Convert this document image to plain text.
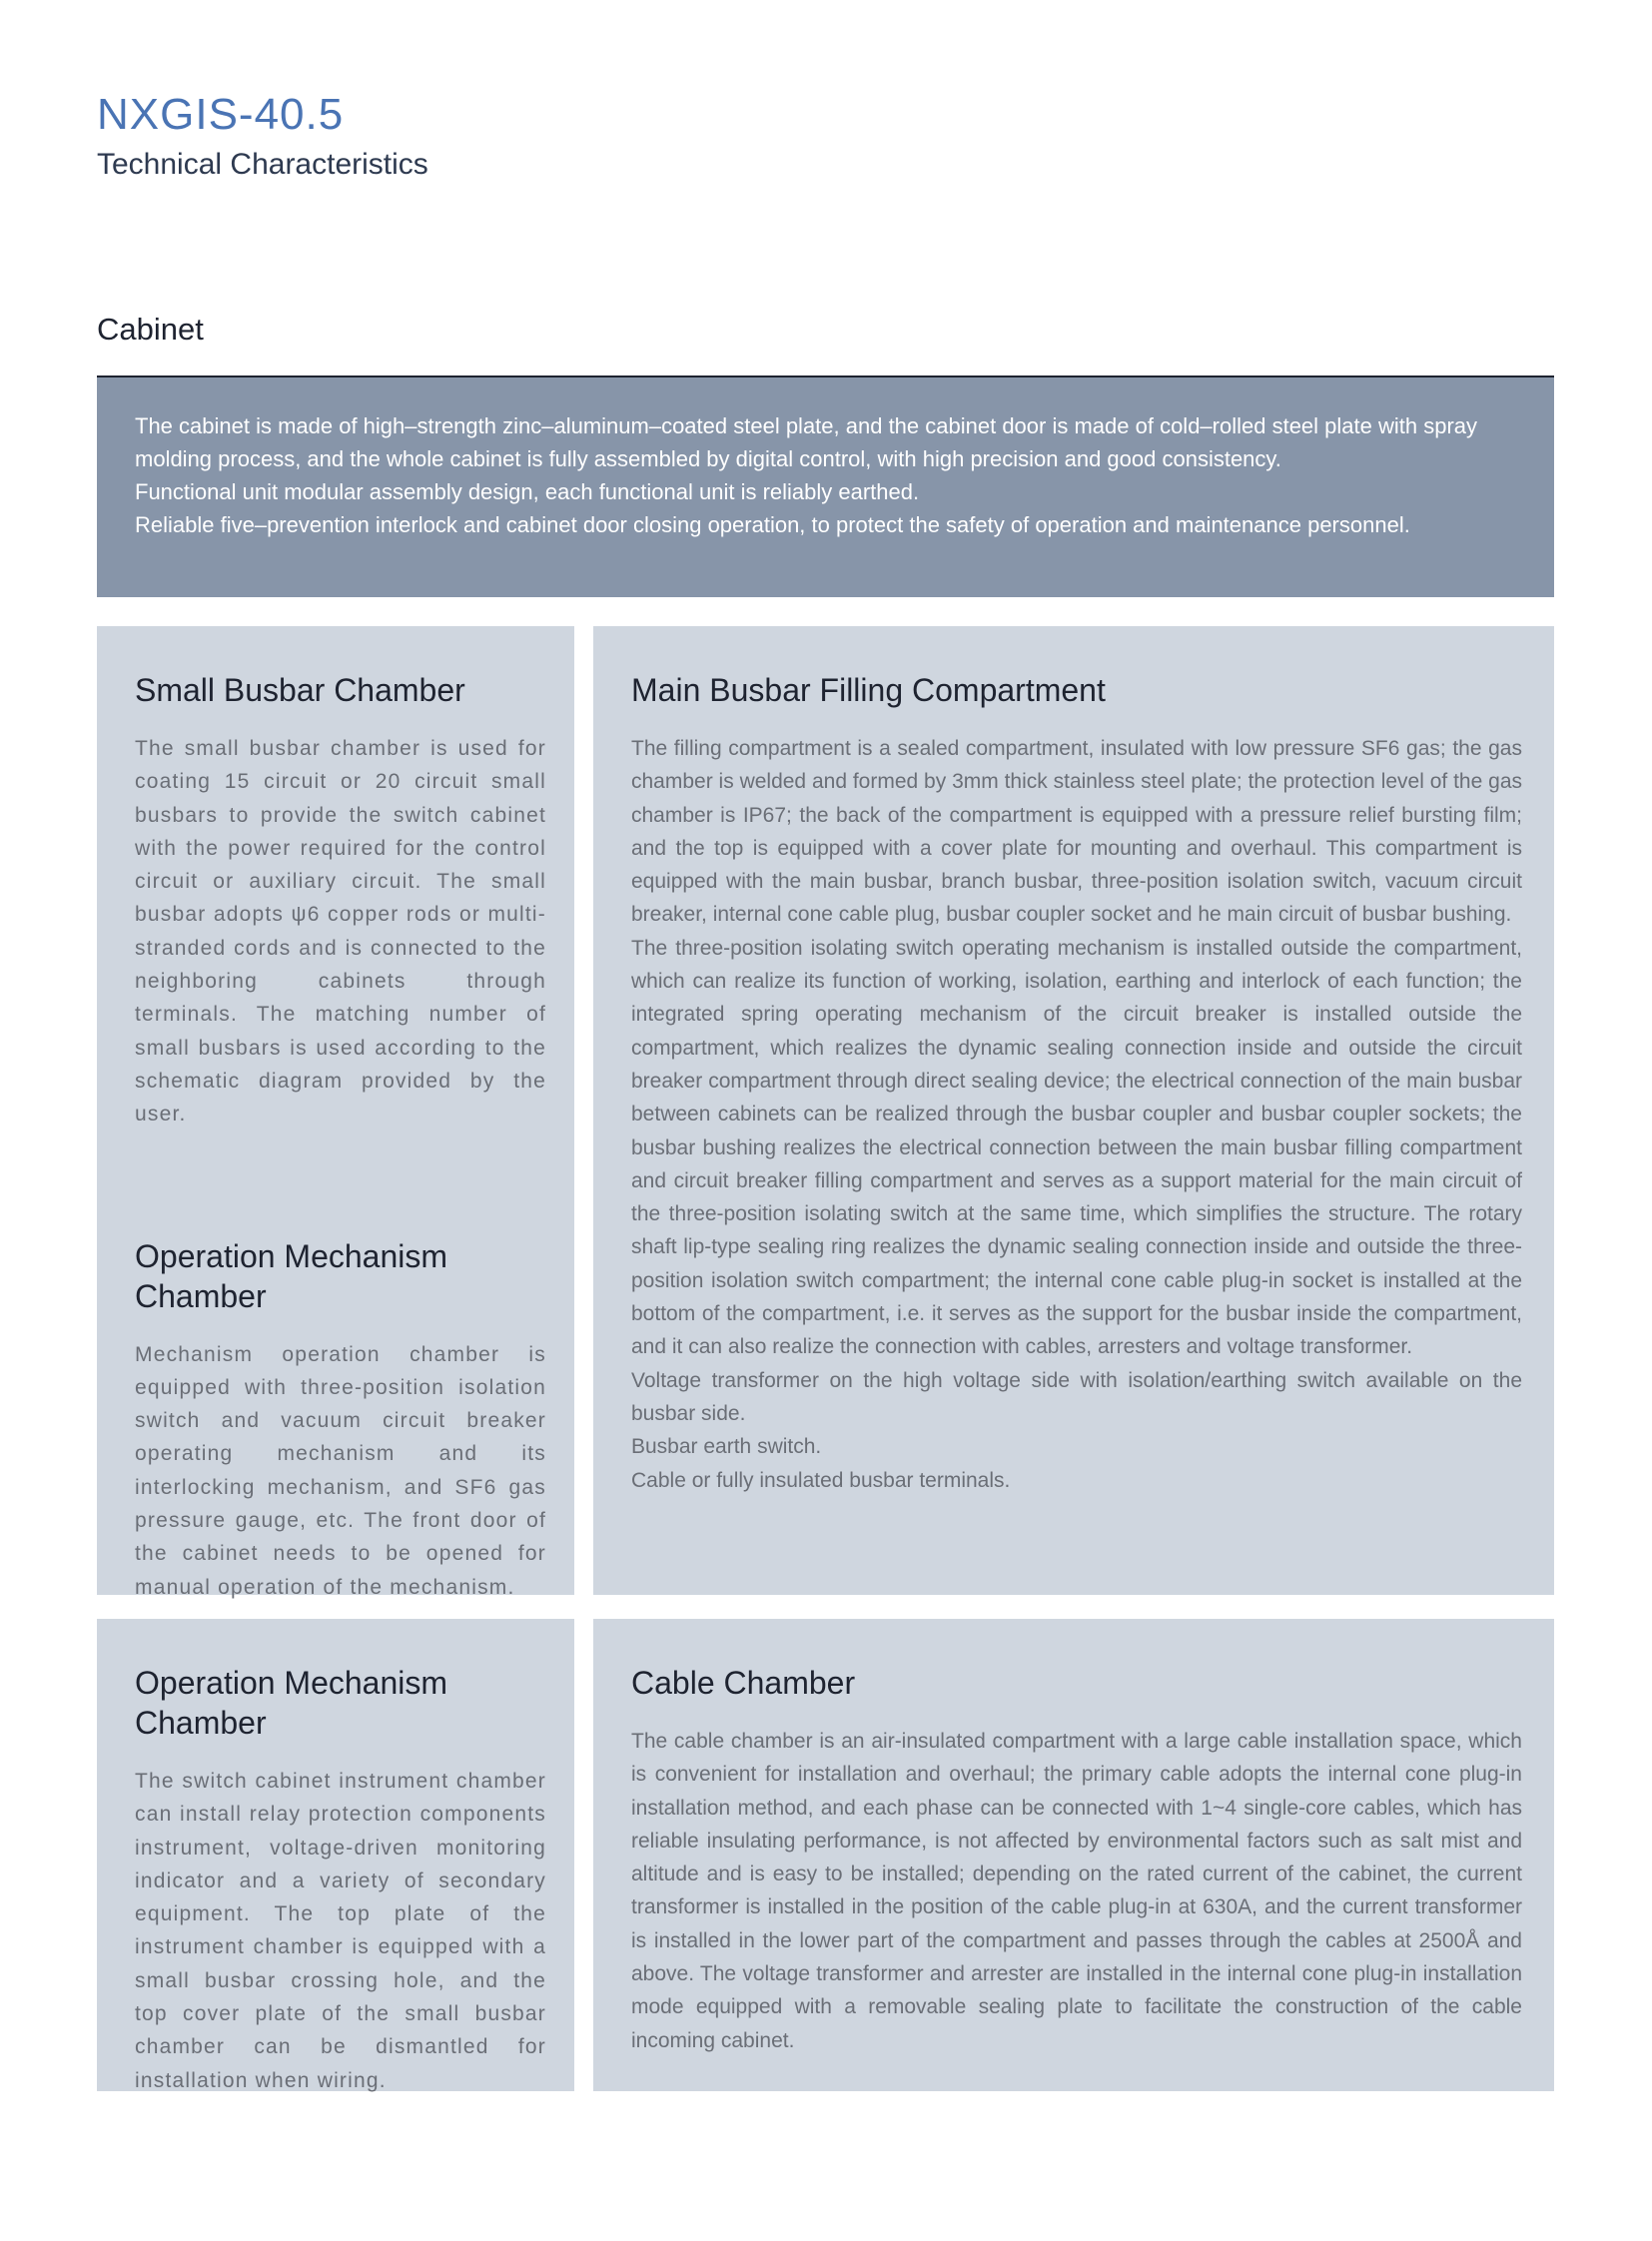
NXGIS-40.5
Technical Characteristics
Cabinet

The cabinet is made of high–strength zinc–aluminum–coated steel plate, and the cabinet door is made of cold–rolled steel plate with spray molding process, and the whole cabinet is fully assembled by digital control, with high precision and good consistency.

Functional unit modular assembly design, each functional unit is reliably earthed.

Reliable five–prevention interlock and cabinet door closing operation, to protect the safety of operation and maintenance personnel.

Small Busbar Chamber

The small busbar chamber is used for coating 15 circuit or 20 circuit small busbars to provide the switch cabinet with the power required for the control circuit or auxiliary circuit. The small busbar adopts ψ6 copper rods or multi-stranded cords and is connected to the neighboring cabinets through terminals. The matching number of small busbars is used according to the schematic diagram provided by the user.

Operation Mechanism Chamber

Mechanism operation chamber is equipped with three-position isolation switch and vacuum circuit breaker operating mechanism and its interlocking mechanism, and SF6 gas pressure gauge, etc. The front door of the cabinet needs to be opened for manual operation of the mechanism.

Main Busbar Filling Compartment

The filling compartment is a sealed compartment, insulated with low pressure SF6 gas; the gas chamber is welded and formed by 3mm thick stainless steel plate; the protection level of the gas chamber is IP67; the back of the compartment is equipped with a pressure relief bursting film; and the top is equipped with a cover plate for mounting and overhaul. This compartment is equipped with the main busbar, branch busbar, three-position isolation switch, vacuum circuit breaker, internal cone cable plug, busbar coupler socket and he main circuit of busbar bushing.

The three-position isolating switch operating mechanism is installed outside the compartment, which can realize its function of working, isolation, earthing and interlock of each function; the integrated spring operating mechanism of the circuit breaker is installed outside the compartment, which realizes the dynamic sealing connection inside and outside the circuit breaker compartment through direct sealing device; the electrical connection of the main busbar between cabinets can be realized through the busbar coupler and busbar coupler sockets; the busbar bushing realizes the electrical connection between the main busbar filling compartment and circuit breaker filling compartment and serves as a support material for the main circuit of the three-position isolating switch at the same time, which simplifies the structure. The rotary shaft lip-type sealing ring realizes the dynamic sealing connection inside and outside the three-position isolation switch compartment; the internal cone cable plug-in socket is installed at the bottom of the compartment, i.e. it serves as the support for the busbar inside the compartment, and it can also realize the connection with cables, arresters and voltage transformer.

Voltage transformer on the high voltage side with isolation/earthing switch available on the busbar side.

Busbar earth switch.

Cable or fully insulated busbar terminals.

Operation Mechanism Chamber

The switch cabinet instrument chamber can install relay protection components instrument, voltage-driven monitoring indicator and a variety of secondary equipment. The top plate of the instrument chamber is equipped with a small busbar crossing hole, and the top cover plate of the small busbar chamber can be dismantled for installation when wiring.

Cable Chamber

The cable chamber is an air-insulated compartment with a large cable installation space, which is convenient for installation and overhaul; the primary cable adopts the internal cone plug-in installation method, and each phase can be connected with 1~4 single-core cables, which has reliable insulating performance, is not affected by environmental factors such as salt mist and altitude and is easy to be installed; depending on the rated current of the cabinet, the current transformer is installed in the position of the cable plug-in at 630A, and the current transformer is installed in the lower part of the compartment and passes through the cables at 2500Å and above. The voltage transformer and arrester are installed in the internal cone plug-in installation mode equipped with a removable sealing plate to facilitate the construction of the cable incoming cabinet.
